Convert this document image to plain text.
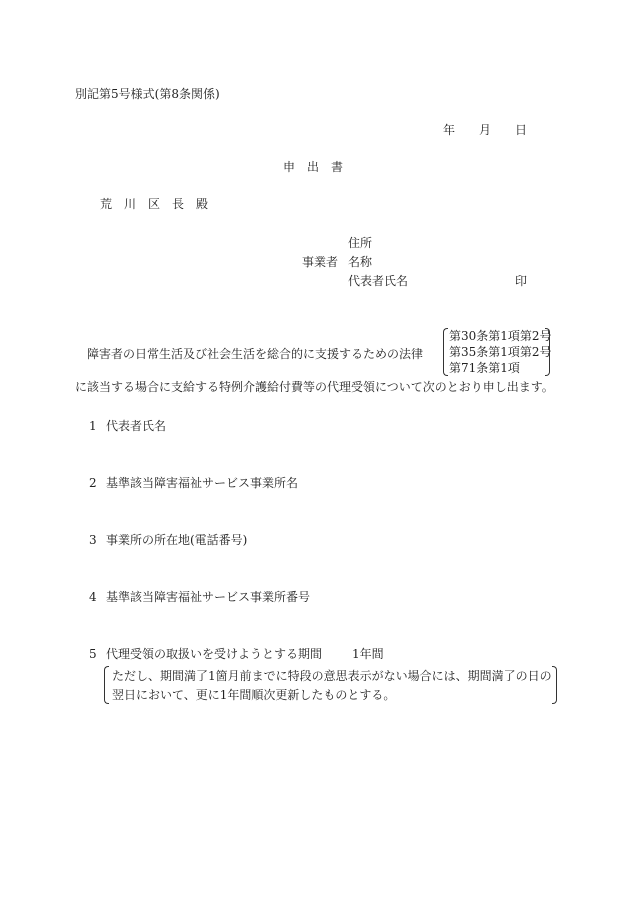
別記第5号様式(第8条関係)
年 月 日
申　出　書
荒　川　区　長　殿
住所
事業者 名称
代表者氏名	印
障害者の日常生活及び社会生活を総合的に支援するための法律
第30条第1項第2号
第35条第1項第2号
第71条第1項
に該当する場合に支給する特例介護給付費等の代理受領について次のとおり申し出ます。
1 代表者氏名
2 基準該当障害福祉サービス事業所名
3 事業所の所在地(電話番号)
4 基準該当障害福祉サービス事業所番号
5 代理受領の取扱いを受けようとする期間 1年間
ただし、期間満了1箇月前までに特段の意思表示がない場合には、期間満了の日の
翌日において、更に1年間順次更新したものとする。
